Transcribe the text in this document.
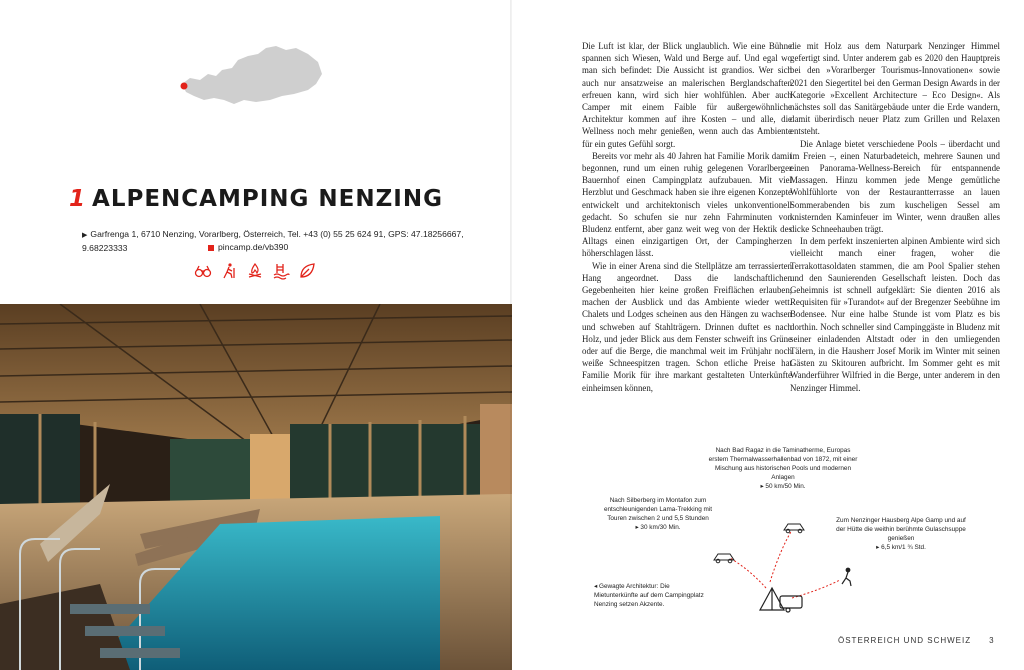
1 ALPENCAMPING NENZING
▶ Garfrenga 1, 6710 Nenzing, Vorarlberg, Österreich, Tel. +43 (0) 55 25 624 91, GPS: 47.18256667, 9.68223333	pincamp.de/vb390

Die Luft ist klar, der Blick unglaublich. Wie eine Bühne spannen sich Wiesen, Wald und Berge auf. Und egal wo man sich befindet: Die Aussicht ist grandios. Wer sich auch nur ansatzweise an malerischen Berglandschaften erfreuen kann, wird sich hier wohlfühlen. Aber auch Camper mit einem Faible für außergewöhnliche Architektur kommen auf ihre Kosten – und alle, die Wellness noch mehr genießen, wenn auch das Ambiente für ein gutes Gefühl sorgt.

Bereits vor mehr als 40 Jahren hat Familie Morik damit begonnen, rund um einen ruhig gelegenen Vorarlberger Bauernhof einen Campingplatz aufzubauen. Mit viel Herzblut und Geschmack haben sie ihre eigenen Konzepte entwickelt und architektonisch vieles unkonventionell gedacht. So schufen sie nur zehn Fahrminuten von Bludenz entfernt, aber ganz weit weg von der Hektik des Alltags einen einzigartigen Ort, der Campingherzen höherschlagen lässt.

Wie in einer Arena sind die Stellplätze am terrassierten Hang angeordnet. Dass die landschaftlichen Gegebenheiten hier keine großen Freiflächen erlauben, machen der Ausblick und das Ambiente wieder wett. Chalets und Lodges scheinen aus den Hängen zu wachsen und schweben auf Stahlträgern. Drinnen duftet es nach Holz, und jeder Blick aus dem Fenster schweift ins Grüne oder auf die Berge, die manchmal weit im Frühjahr noch weiße Schneespitzen tragen. Schon etliche Preise hat Familie Morik für ihre markant gestalteten Unterkünfte einheimsen können,

die mit Holz aus dem Naturpark Nenzinger Himmel gefertigt sind. Unter anderem gab es 2020 den Hauptpreis bei den »Vorarlberger Tourismus-Innovationen« sowie 2021 den Siegertitel bei den German Design Awards in der Kategorie »Excellent Architecture – Eco Design«. Als nächstes soll das Sanitärgebäude unter die Erde wandern, damit überirdisch neuer Platz zum Grillen und Relaxen entsteht.

Die Anlage bietet verschiedene Pools – überdacht und im Freien –, einen Naturbadeteich, mehrere Saunen und einen Panorama-Wellness-Bereich für entspannende Massagen. Hinzu kommen jede Menge gemütliche Wohlfühlorte von der Restaurantterrasse an lauen Sommerabenden bis zum kuscheligen Sessel am knisternden Kaminfeuer im Winter, wenn draußen alles dicke Schneehauben trägt.

In dem perfekt inszenierten alpinen Ambiente wird sich vielleicht manch einer fragen, woher die Terrakottasoldaten stammen, die am Pool Spalier stehen und den Saunierenden Gesellschaft leisten. Doch das Geheimnis ist schnell aufgeklärt: Sie dienten 2016 als Requisiten für »Turandot« auf der Bregenzer Seebühne im Bodensee. Nur eine halbe Stunde ist vom Platz es bis dorthin. Noch schneller sind Campinggäste in Bludenz mit seiner einladenden Altstadt oder in den umliegenden Tälern, in die Hausherr Josef Morik im Winter mit seinen Gästen zu Skitouren aufbricht. Im Sommer geht es mit Wanderführer Wilfried in die Berge, unter anderem in den Nenzinger Himmel.

Nach Bad Ragaz in die Taminatherme, Europas erstem Thermalwasserhallenbad von 1872, mit einer Mischung aus historischen Pools und modernen Anlagen
▸ 50 km/50 Min.
Nach Silberberg im Montafon zum entschleunigenden Lama-Trekking mit Touren zwischen 2 und 5,5 Stunden
▸ 30 km/30 Min.
Zum Nenzinger Hausberg Alpe Gamp und auf der Hütte die weithin berühmte Gulaschsuppe genießen
▸ 6,5 km/1 ¾ Std.
◂ Gewagte Architektur: Die Mietunterkünfte auf dem Campingplatz Nenzing setzen Akzente.
ÖSTERREICH UND SCHWEIZ 3
